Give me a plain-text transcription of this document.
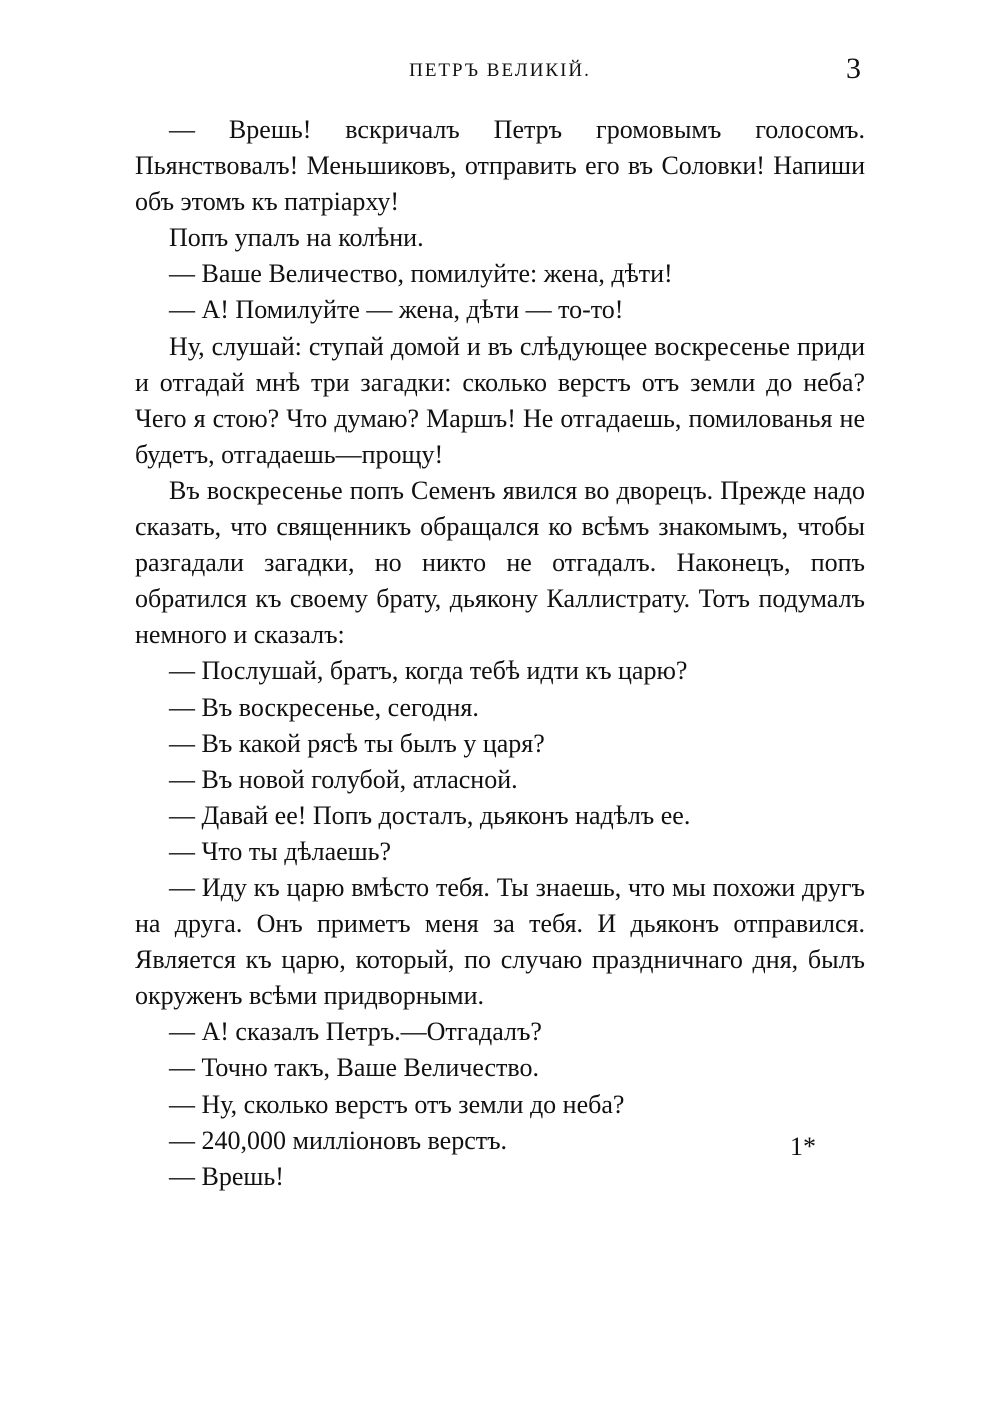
ПЕТРЪ ВЕЛИКІЙ.	3

— Врешь! вскричалъ Петръ громовымъ голосомъ. Пьянствовалъ! Меньшиковъ, отправить его въ Соловки! Напиши объ этомъ къ патріарху!

Попъ упалъ на колѣни.

— Ваше Величество, помилуйте: жена, дѣти!

— А! Помилуйте — жена, дѣти — то-то!

Ну, слушай: ступай домой и въ слѣдующее воскресенье приди и отгадай мнѣ три загадки: сколько верстъ отъ земли до неба? Чего я стою? Что думаю? Маршъ! Не отгадаешь, помилованья не будетъ, отгадаешь—прощу!

Въ воскресенье попъ Семенъ явился во дворецъ. Прежде надо сказать, что священникъ обращался ко всѣмъ знакомымъ, чтобы разгадали загадки, но никто не отгадалъ. Наконецъ, попъ обратился къ своему брату, дьякону Каллистрату. Тотъ подумалъ немного и сказалъ:

— Послушай, братъ, когда тебѣ идти къ царю?

— Въ воскресенье, сегодня.

— Въ какой рясѣ ты былъ у царя?

— Въ новой голубой, атласной.

— Давай ее! Попъ досталъ, дьяконъ надѣлъ ее.

— Что ты дѣлаешь?

— Иду къ царю вмѣсто тебя. Ты знаешь, что мы похожи другъ на друга. Онъ приметъ меня за тебя. И дьяконъ отправился. Является къ царю, который, по случаю праздничнаго дня, былъ окруженъ всѣми придворными.

— А! сказалъ Петръ.—Отгадалъ?

— Точно такъ, Ваше Величество.

— Ну, сколько верстъ отъ земли до неба?

— 240,000 милліоновъ верстъ.

— Врешь!

1*
